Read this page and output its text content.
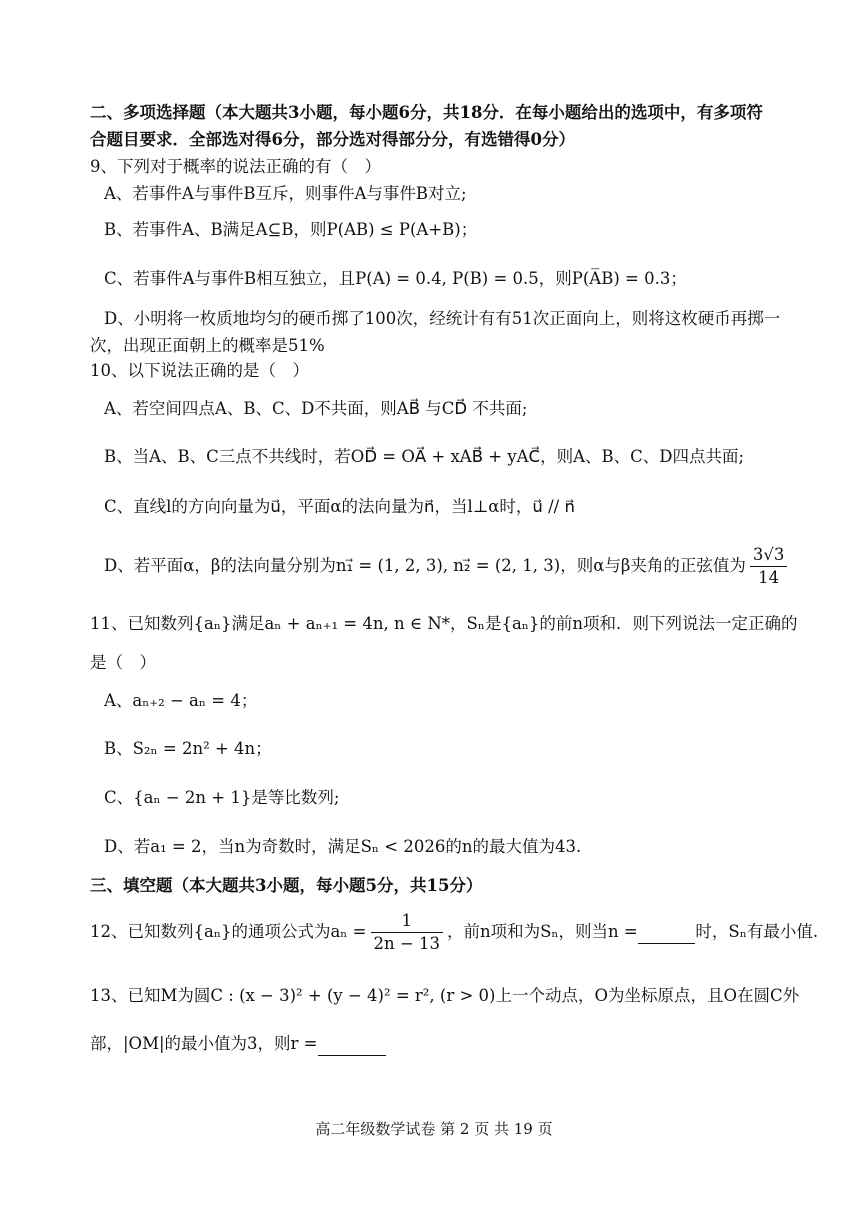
二、多项选择题（本大题共3小题，每小题6分，共18分．在每小题给出的选项中，有多项符
合题目要求．全部选对得6分，部分选对得部分分，有选错得0分）
9、下列对于概率的说法正确的有（　）
A、若事件A与事件B互斥，则事件A与事件B对立;
B、若事件A、B满足A⊆B，则P(AB) ≤ P(A+B)；
C、若事件A与事件B相互独立，且P(A) = 0.4, P(B) = 0.5，则P(A̅B) = 0.3；
D、小明将一枚质地均匀的硬币掷了100次，经统计有有51次正面向上，则将这枚硬币再掷一
次，出现正面朝上的概率是51%
10、以下说法正确的是（　）
A、若空间四点A、B、C、D不共面，则AB⃗ 与CD⃗ 不共面;
B、当A、B、C三点不共线时，若OD⃗ = OA⃗ + xAB⃗ + yAC⃗，则A、B、C、D四点共面;
C、直线l的方向向量为u⃗，平面α的法向量为n⃗，当l⊥α时，u⃗ // n⃗
D、若平面α，β的法向量分别为n₁⃗ = (1, 2, 3), n₂⃗ = (2, 1, 3)，则α与β夹角的正弦值为 $\frac{3√3}{14}$
11、已知数列{aₙ}满足aₙ + aₙ₊₁ = 4n, n ∈ N*，Sₙ是{aₙ}的前n项和．则下列说法一定正确的
是（　）
A、aₙ₊₂ − aₙ = 4；
B、S₂ₙ = 2n² + 4n；
C、{aₙ − 2n + 1}是等比数列;
D、若a₁ = 2，当n为奇数时，满足Sₙ < 2026的n的最大值为43.
三、填空题（本大题共3小题，每小题5分，共15分）
12、已知数列{aₙ}的通项公式为$a_n = \frac{1}{2n - 13}$ ，前n项和为Sₙ，则当n =	时，Sₙ有最小值.
13、已知M为圆C : (x − 3)² + (y − 4)² = r², (r > 0)上一个动点，O为坐标原点，且O在圆C外
部，|OM|的最小值为3，则r =
高二年级数学试卷 第 2 页 共 19 页
